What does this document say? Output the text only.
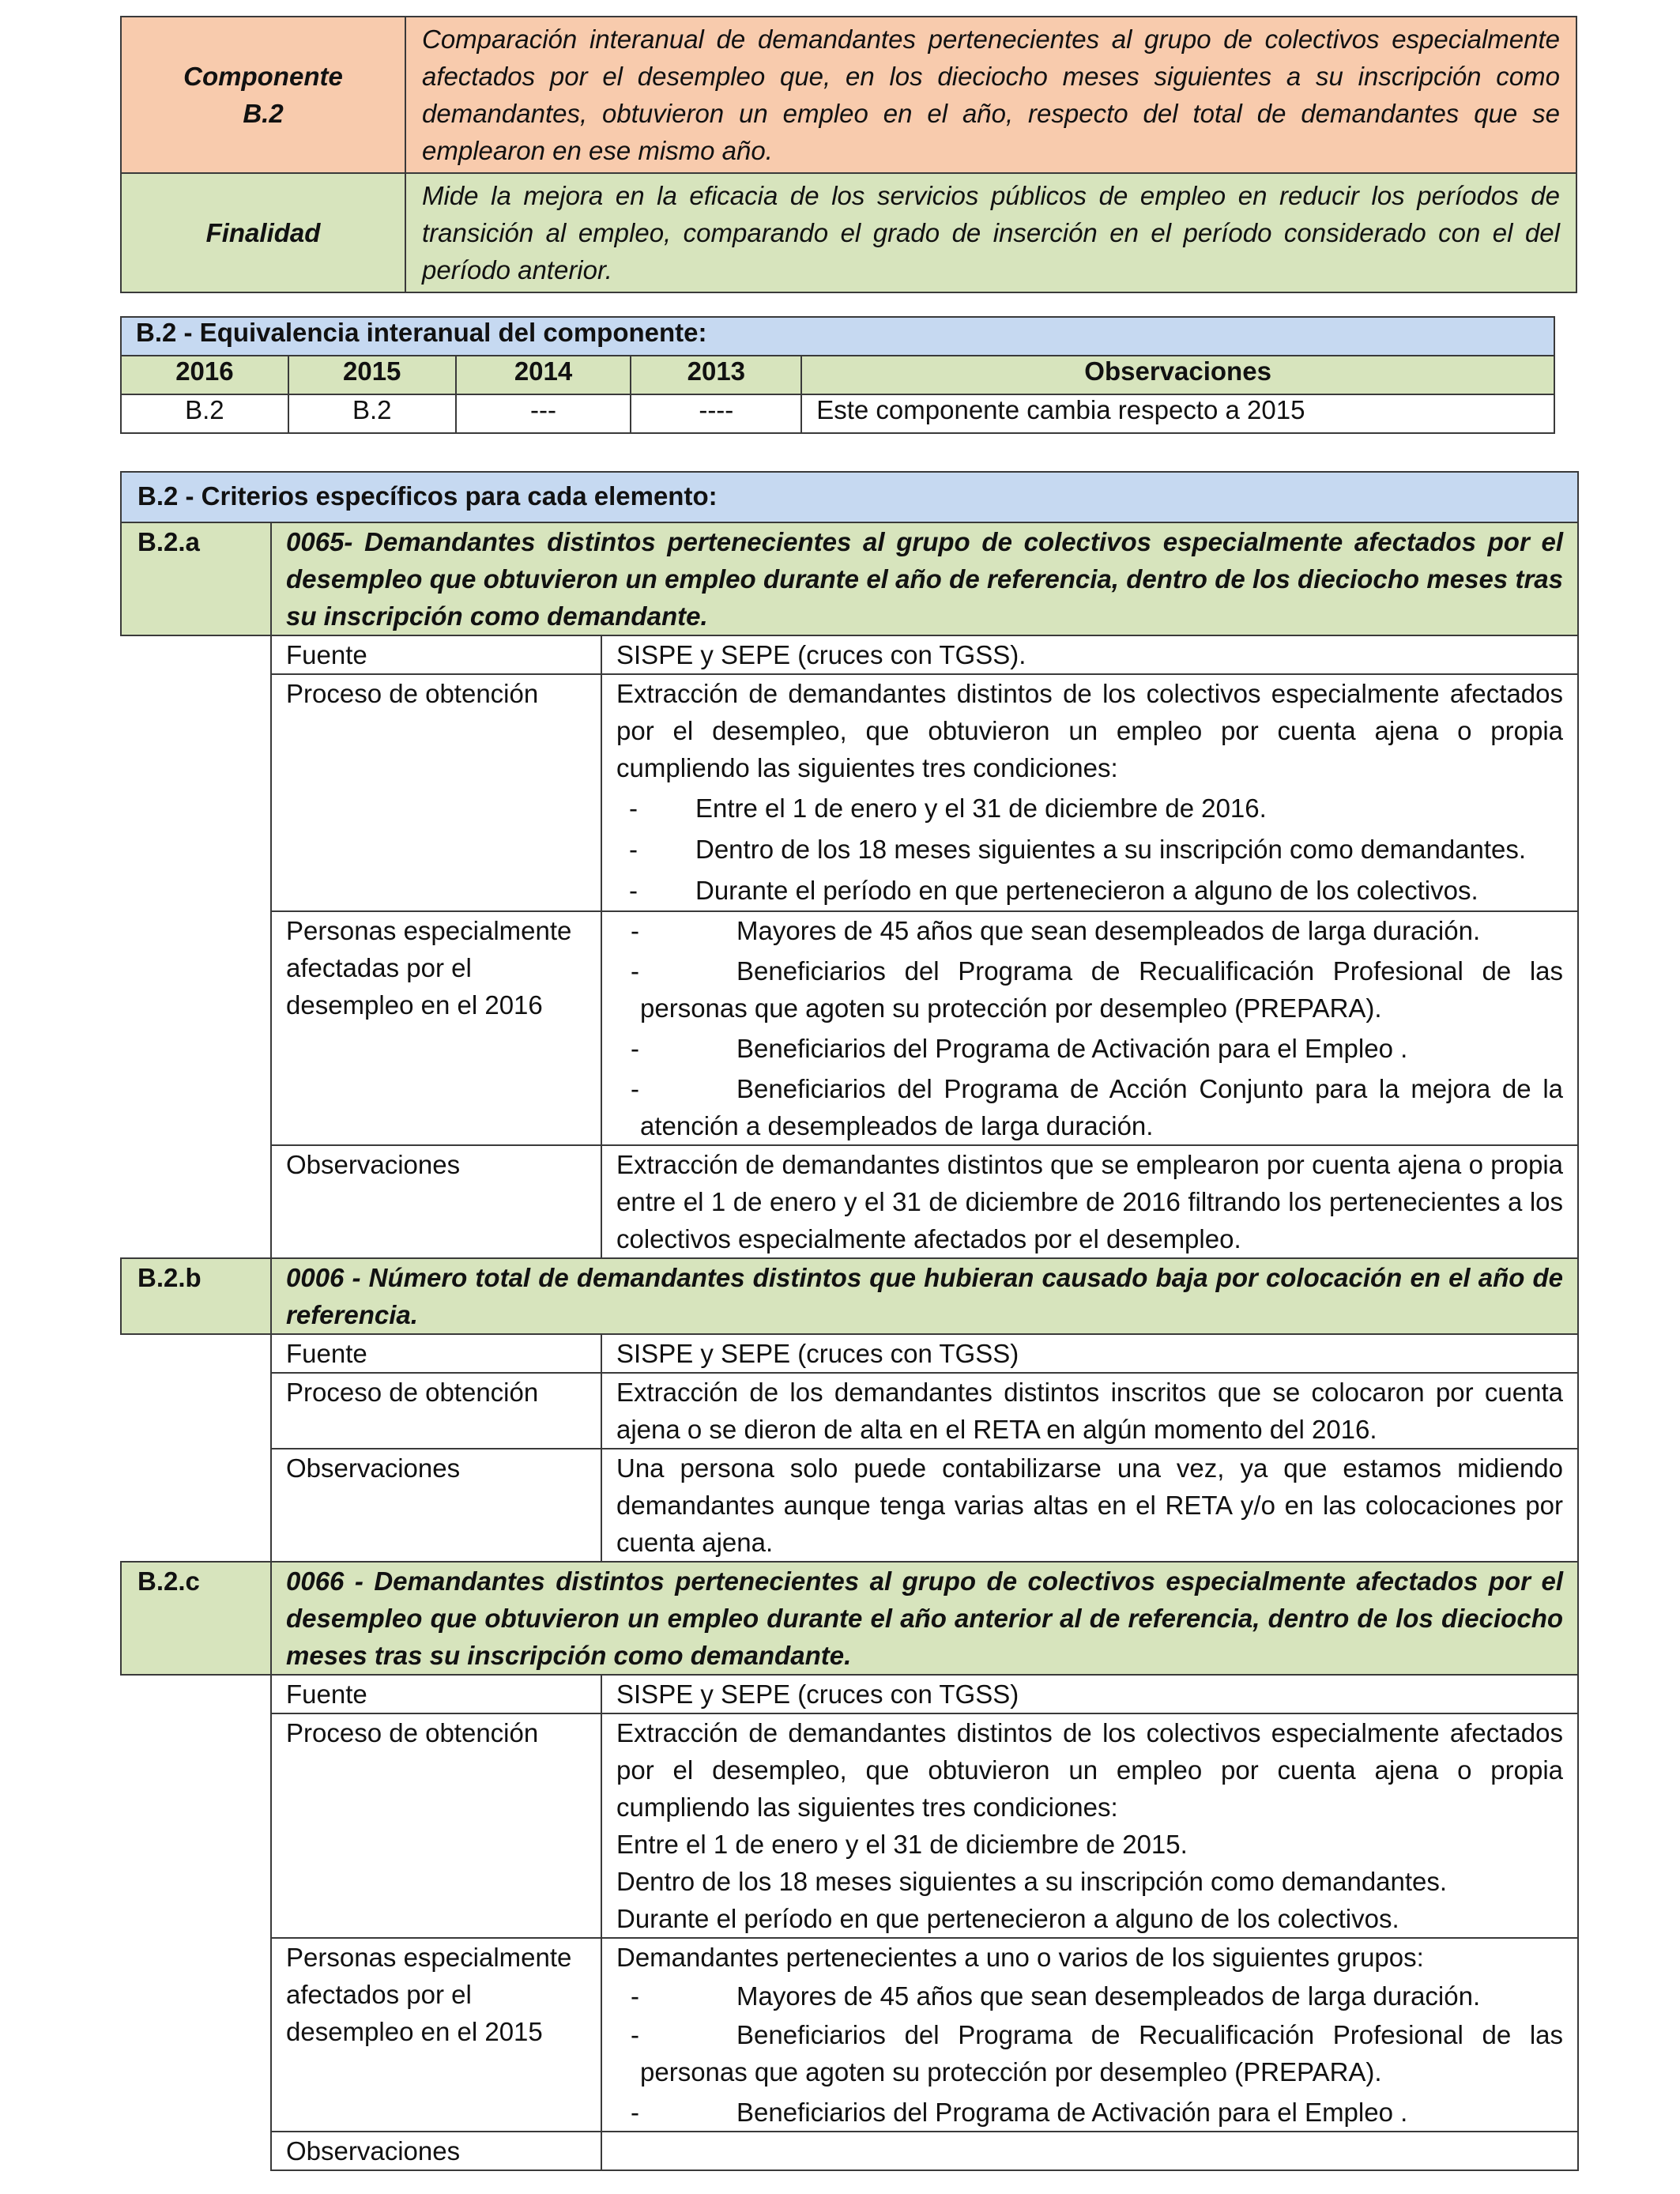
Componente
B.2	Comparación interanual de demandantes pertenecientes al grupo de colectivos especialmente afectados por el desempleo que, en los dieciocho meses siguientes a su inscripción como demandantes, obtuvieron un empleo en el año, respecto del total de demandantes que se emplearon en ese mismo año.
Finalidad	Mide la mejora en la eficacia de los servicios públicos de empleo en reducir los períodos de transición al empleo, comparando el grado de inserción en el período considerado con el del período anterior.
B.2 - Equivalencia interanual del componente:				
2016	2015	2014	2013	Observaciones
B.2	B.2	---	----	Este componente cambia respecto a 2015
B.2 - Criterios específicos para cada elemento:		
B.2.a	0065- Demandantes distintos pertenecientes al grupo de colectivos especialmente afectados por el desempleo que obtuvieron un empleo durante el año de referencia, dentro de los dieciocho meses tras su inscripción como demandante.	
	Fuente	SISPE y SEPE (cruces con TGSS).
	Proceso de obtención	Extracción de demandantes distintos de los colectivos especialmente afectados por el desempleo, que obtuvieron un empleo por cuenta ajena o propia cumpliendo las siguientes tres condiciones:
- Entre el 1 de enero y el 31 de diciembre de 2016.
- Dentro de los 18 meses siguientes a su inscripción como demandantes.
- Durante el período en que pertenecieron a alguno de los colectivos.

	Personas especialmente afectadas por el desempleo en el 2016	- Mayores de 45 años que sean desempleados de larga duración.
- Beneficiarios del Programa de Recualificación Profesional de las personas que agoten su protección por desempleo (PREPARA).
- Beneficiarios del Programa de Activación para el Empleo .
- Beneficiarios del Programa de Acción Conjunto para la mejora de la atención a desempleados de larga duración.

	Observaciones	Extracción de demandantes distintos que se emplearon por cuenta ajena o propia entre el 1 de enero y el 31 de diciembre de 2016 filtrando los pertenecientes a los colectivos especialmente afectados por el desempleo.
B.2.b	0006 - Número total de demandantes distintos que hubieran causado baja por colocación en el año de referencia.	
	Fuente	SISPE y SEPE (cruces con TGSS)
	Proceso de obtención	Extracción de los demandantes distintos inscritos que se colocaron por cuenta ajena o se dieron de alta en el RETA en algún momento del 2016.
	Observaciones	Una persona solo puede contabilizarse una vez, ya que estamos midiendo demandantes aunque tenga varias altas en el RETA y/o en las colocaciones por cuenta ajena.
B.2.c	0066 - Demandantes distintos pertenecientes al grupo de colectivos especialmente afectados por el desempleo que obtuvieron un empleo durante el año anterior al de referencia, dentro de los dieciocho meses tras su inscripción como demandante.	
	Fuente	SISPE y SEPE (cruces con TGSS)
	Proceso de obtención	Extracción de demandantes distintos de los colectivos especialmente afectados por el desempleo, que obtuvieron un empleo por cuenta ajena o propia cumpliendo las siguientes tres condiciones:
Entre el 1 de enero y el 31 de diciembre de 2015.
Dentro de los 18 meses siguientes a su inscripción como demandantes.
Durante el período en que pertenecieron a alguno de los colectivos.

	Personas especialmente afectados por el desempleo en el 2015	Demandantes pertenecientes a uno o varios de los siguientes grupos:
- Mayores de 45 años que sean desempleados de larga duración.
- Beneficiarios del Programa de Recualificación Profesional de las personas que agoten su protección por desempleo (PREPARA).
- Beneficiarios del Programa de Activación para el Empleo .

	Observaciones	
